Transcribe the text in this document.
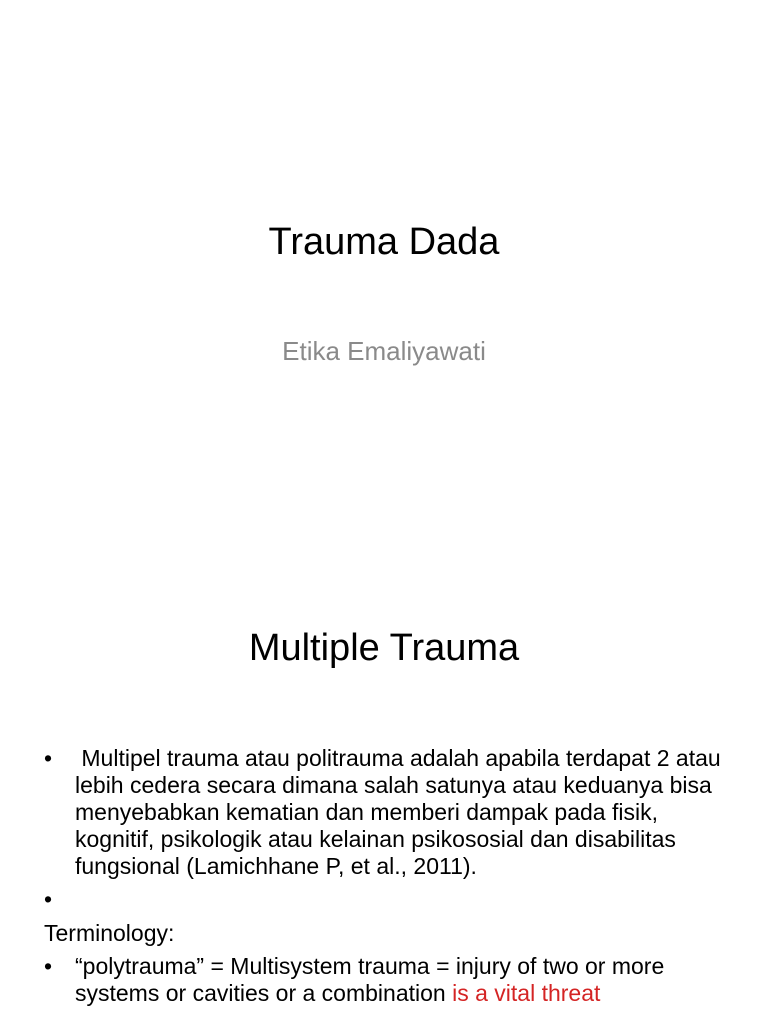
Trauma Dada

Etika Emaliyawati

Multiple Trauma
• Multipel trauma atau politrauma adalah apabila terdapat 2 atau lebih cedera secara dimana salah satunya atau keduanya bisa menyebabkan kematian dan memberi dampak pada fisik, kognitif, psikologik atau kelainan psikososial dan disabilitas fungsional (Lamichhane P, et al., 2011).
•
Terminology:
• “polytrauma” = Multisystem trauma = injury of two or more systems or cavities or a combination is a vital threat
